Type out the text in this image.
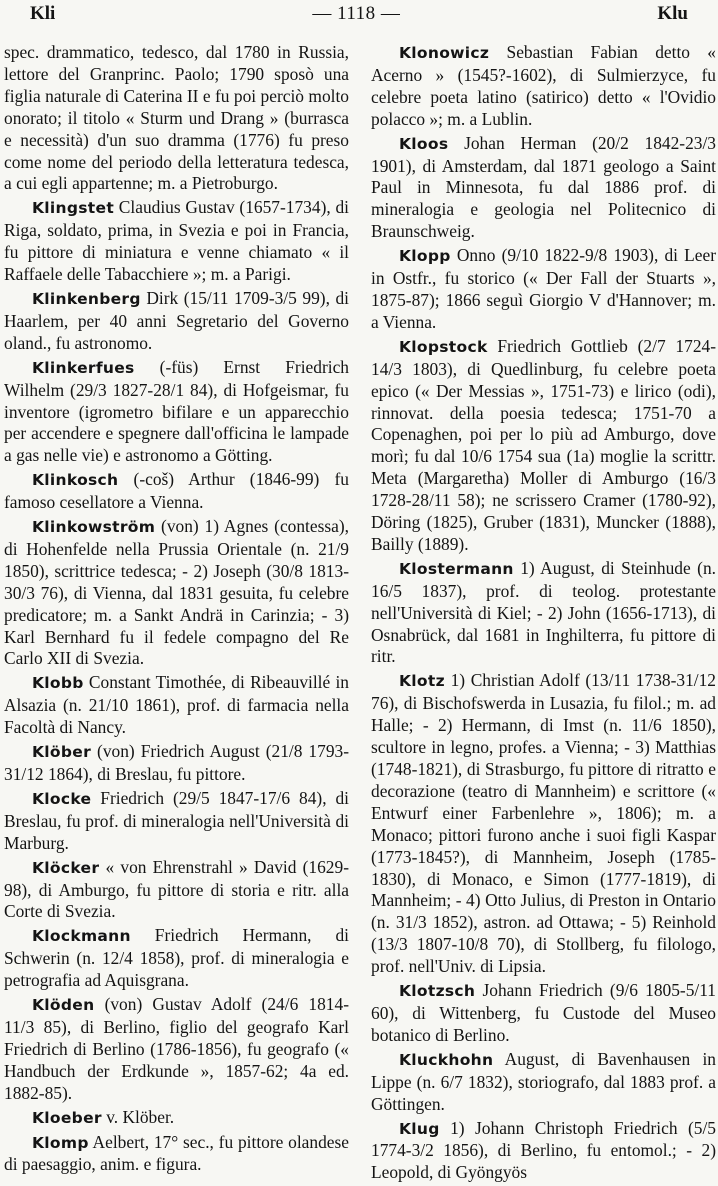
Kli	— 1118 —	Klu

spec. drammatico, tedesco, dal 1780 in Russia, lettore del Granprinc. Paolo; 1790 sposò una figlia naturale di Caterina II e fu poi perciò molto onorato; il titolo « Sturm und Drang » (burrasca e necessità) d'un suo dramma (1776) fu preso come nome del periodo della letteratura tedesca, a cui egli appartenne; m. a Pietroburgo.

Klingstet Claudius Gustav (1657-1734), di Riga, soldato, prima, in Svezia e poi in Francia, fu pittore di miniatura e venne chiamato « il Raffaele delle Tabacchiere »; m. a Parigi.

Klinkenberg Dirk (15/11 1709-3/5 99), di Haarlem, per 40 anni Segretario del Governo oland., fu astronomo.

Klinkerfues (-füs) Ernst Friedrich Wilhelm (29/3 1827-28/1 84), di Hofgeismar, fu inventore (igrometro bifilare e un apparecchio per accendere e spegnere dall'officina le lampade a gas nelle vie) e astronomo a Götting.

Klinkosch (-coš) Arthur (1846-99) fu famoso cesellatore a Vienna.

Klinkowström (von) 1) Agnes (contessa), di Hohenfelde nella Prussia Orientale (n. 21/9 1850), scrittrice tedesca; - 2) Joseph (30/8 1813-30/3 76), di Vienna, dal 1831 gesuita, fu celebre predicatore; m. a Sankt Andrä in Carinzia; - 3) Karl Bernhard fu il fedele compagno del Re Carlo XII di Svezia.

Klobb Constant Timothée, di Ribeauvillé in Alsazia (n. 21/10 1861), prof. di farmacia nella Facoltà di Nancy.

Klöber (von) Friedrich August (21/8 1793-31/12 1864), di Breslau, fu pittore.

Klocke Friedrich (29/5 1847-17/6 84), di Breslau, fu prof. di mineralogia nell'Università di Marburg.

Klöcker « von Ehrenstrahl » David (1629-98), di Amburgo, fu pittore di storia e ritr. alla Corte di Svezia.

Klockmann Friedrich Hermann, di Schwerin (n. 12/4 1858), prof. di mineralogia e petrografia ad Aquisgrana.

Klöden (von) Gustav Adolf (24/6 1814-11/3 85), di Berlino, figlio del geografo Karl Friedrich di Berlino (1786-1856), fu geografo (« Handbuch der Erdkunde », 1857-62; 4a ed. 1882-85).

Kloeber v. Klöber.

Klomp Aelbert, 17° sec., fu pittore olandese di paesaggio, anim. e figura.

Klonowicz Sebastian Fabian detto « Acerno » (1545?-1602), di Sulmierzyce, fu celebre poeta latino (satirico) detto « l'Ovidio polacco »; m. a Lublin.

Kloos Johan Herman (20/2 1842-23/3 1901), di Amsterdam, dal 1871 geologo a Saint Paul in Minnesota, fu dal 1886 prof. di mineralogia e geologia nel Politecnico di Braunschweig.

Klopp Onno (9/10 1822-9/8 1903), di Leer in Ostfr., fu storico (« Der Fall der Stuarts », 1875-87); 1866 seguì Giorgio V d'Hannover; m. a Vienna.

Klopstock Friedrich Gottlieb (2/7 1724-14/3 1803), di Quedlinburg, fu celebre poeta epico (« Der Messias », 1751-73) e lirico (odi), rinnovat. della poesia tedesca; 1751-70 a Copenaghen, poi per lo più ad Amburgo, dove morì; fu dal 10/6 1754 sua (1a) moglie la scrittr. Meta (Margaretha) Moller di Amburgo (16/3 1728-28/11 58); ne scrissero Cramer (1780-92), Döring (1825), Gruber (1831), Muncker (1888), Bailly (1889).

Klostermann 1) August, di Steinhude (n. 16/5 1837), prof. di teolog. protestante nell'Università di Kiel; - 2) John (1656-1713), di Osnabrück, dal 1681 in Inghilterra, fu pittore di ritr.

Klotz 1) Christian Adolf (13/11 1738-31/12 76), di Bischofswerda in Lusazia, fu filol.; m. ad Halle; - 2) Hermann, di Imst (n. 11/6 1850), scultore in legno, profes. a Vienna; - 3) Matthias (1748-1821), di Strasburgo, fu pittore di ritratto e decorazione (teatro di Mannheim) e scrittore (« Entwurf einer Farbenlehre », 1806); m. a Monaco; pittori furono anche i suoi figli Kaspar (1773-1845?), di Mannheim, Joseph (1785-1830), di Monaco, e Simon (1777-1819), di Mannheim; - 4) Otto Julius, di Preston in Ontario (n. 31/3 1852), astron. ad Ottawa; - 5) Reinhold (13/3 1807-10/8 70), di Stollberg, fu filologo, prof. nell'Univ. di Lipsia.

Klotzsch Johann Friedrich (9/6 1805-5/11 60), di Wittenberg, fu Custode del Museo botanico di Berlino.

Kluckhohn August, di Bavenhausen in Lippe (n. 6/7 1832), storiografo, dal 1883 prof. a Göttingen.

Klug 1) Johann Christoph Friedrich (5/5 1774-3/2 1856), di Berlino, fu entomol.; - 2) Leopold, di Gyöngyös
